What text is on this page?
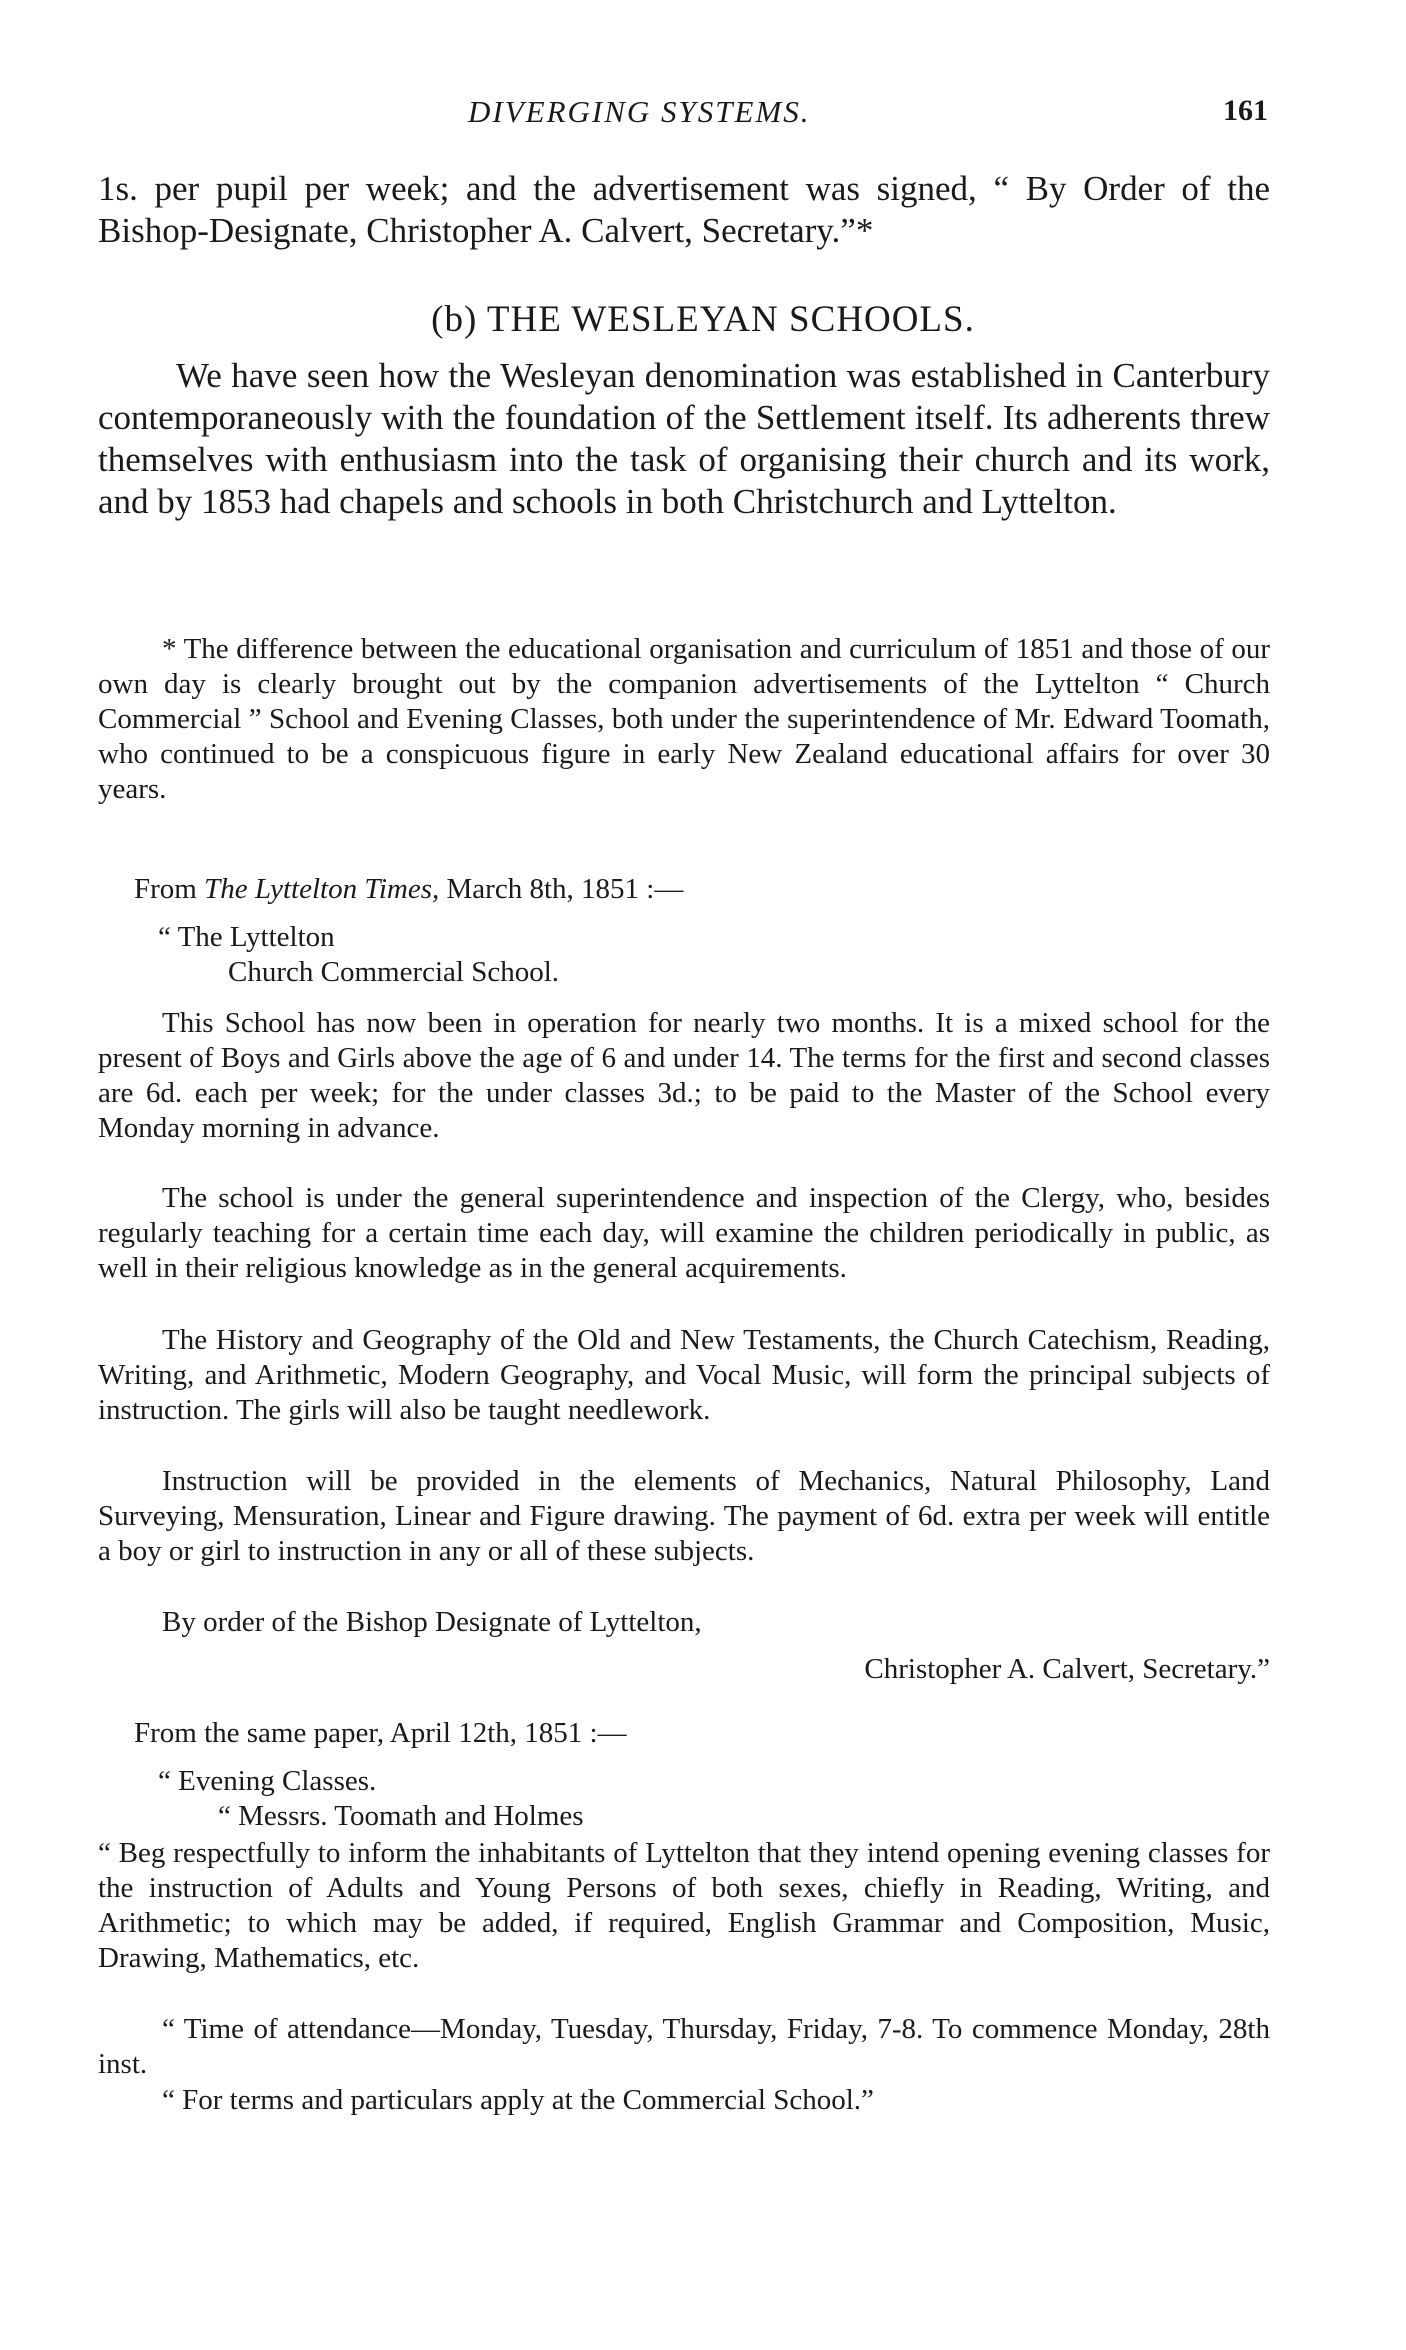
DIVERGING SYSTEMS.	161

1s. per pupil per week; and the advertisement was signed, “ By Order of the Bishop-Designate, Christopher A. Calvert, Secretary.”*

(b) THE WESLEYAN SCHOOLS.

We have seen how the Wesleyan denomination was established in Canterbury contemporaneously with the foundation of the Settlement itself. Its adherents threw themselves with enthusiasm into the task of organising their church and its work, and by 1853 had chapels and schools in both Christchurch and Lyttelton.

* The difference between the educational organisation and curriculum of 1851 and those of our own day is clearly brought out by the companion advertisements of the Lyttelton “ Church Commercial ” School and Evening Classes, both under the superintendence of Mr. Edward Toomath, who continued to be a conspicuous figure in early New Zealand educational affairs for over 30 years.

From The Lyttelton Times, March 8th, 1851 :—

“ The Lyttelton
Church Commercial School.

This School has now been in operation for nearly two months. It is a mixed school for the present of Boys and Girls above the age of 6 and under 14. The terms for the first and second classes are 6d. each per week; for the under classes 3d.; to be paid to the Master of the School every Monday morning in advance.

The school is under the general superintendence and inspection of the Clergy, who, besides regularly teaching for a certain time each day, will examine the children periodically in public, as well in their religious knowledge as in the general acquirements.

The History and Geography of the Old and New Testaments, the Church Catechism, Reading, Writing, and Arithmetic, Modern Geography, and Vocal Music, will form the principal subjects of instruction. The girls will also be taught needlework.

Instruction will be provided in the elements of Mechanics, Natural Philosophy, Land Surveying, Mensuration, Linear and Figure drawing. The payment of 6d. extra per week will entitle a boy or girl to instruction in any or all of these subjects.

By order of the Bishop Designate of Lyttelton,

Christopher A. Calvert, Secretary.”

From the same paper, April 12th, 1851 :—

“ Evening Classes.
“ Messrs. Toomath and Holmes

“ Beg respectfully to inform the inhabitants of Lyttelton that they intend opening evening classes for the instruction of Adults and Young Persons of both sexes, chiefly in Reading, Writing, and Arithmetic; to which may be added, if required, English Grammar and Composition, Music, Drawing, Mathematics, etc.

“ Time of attendance—Monday, Tuesday, Thursday, Friday, 7-8. To commence Monday, 28th inst.

“ For terms and particulars apply at the Commercial School.”
